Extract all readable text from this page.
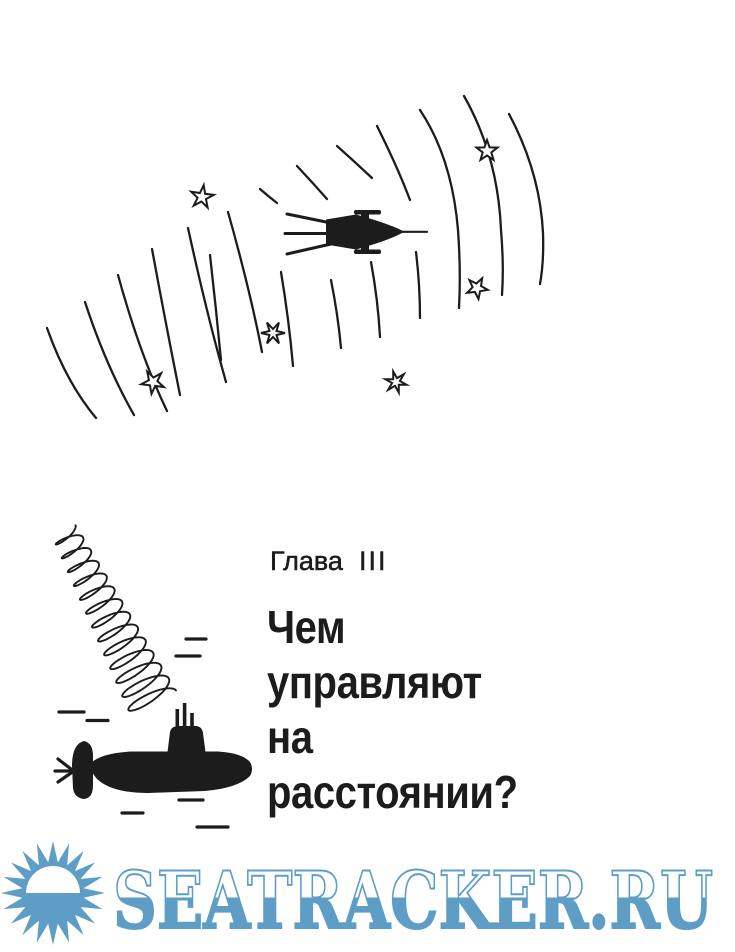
SEATRACKER.RU
Глава III
Чем
управляют
на
расстоянии?
